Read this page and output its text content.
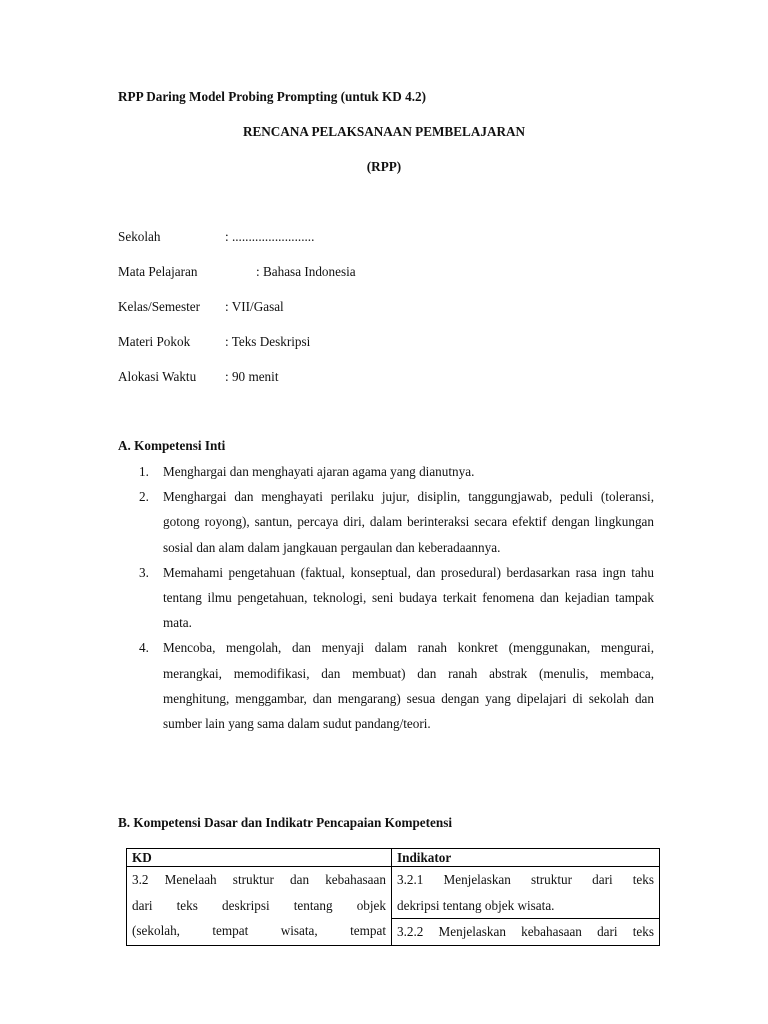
RPP Daring Model Probing Prompting (untuk KD 4.2)
RENCANA PELAKSANAAN PEMBELAJARAN
(RPP)
Sekolah	: .........................
Mata Pelajaran	: Bahasa Indonesia
Kelas/Semester : VII/Gasal
Materi Pokok	: Teks Deskripsi
Alokasi Waktu : 90 menit
A. Kompetensi Inti
1. Menghargai dan menghayati ajaran agama yang dianutnya.
2. Menghargai dan menghayati perilaku jujur, disiplin, tanggungjawab, peduli (toleransi, gotong royong), santun, percaya diri, dalam berinteraksi secara efektif dengan lingkungan sosial dan alam dalam jangkauan pergaulan dan keberadaannya.
3. Memahami pengetahuan (faktual, konseptual, dan prosedural) berdasarkan rasa ingn tahu tentang ilmu pengetahuan, teknologi, seni budaya terkait fenomena dan kejadian tampak mata.
4. Mencoba, mengolah, dan menyaji dalam ranah konkret (menggunakan, mengurai, merangkai, memodifikasi, dan membuat) dan ranah abstrak (menulis, membaca, menghitung, menggambar, dan mengarang) sesua dengan yang dipelajari di sekolah dan sumber lain yang sama dalam sudut pandang/teori.
B. Kompetensi Dasar dan Indikatr Pencapaian Kompetensi
KD	Indikator

3.2 Menelaah struktur dan kebahasaan
dari teks deskripsi tentang objek
(sekolah, tempat wisata, tempat	3.2.1 Menjelaskan struktur dari teks
dekripsi tentang objek wisata.
3.2.2 Menjelaskan kebahasaan dari teks
